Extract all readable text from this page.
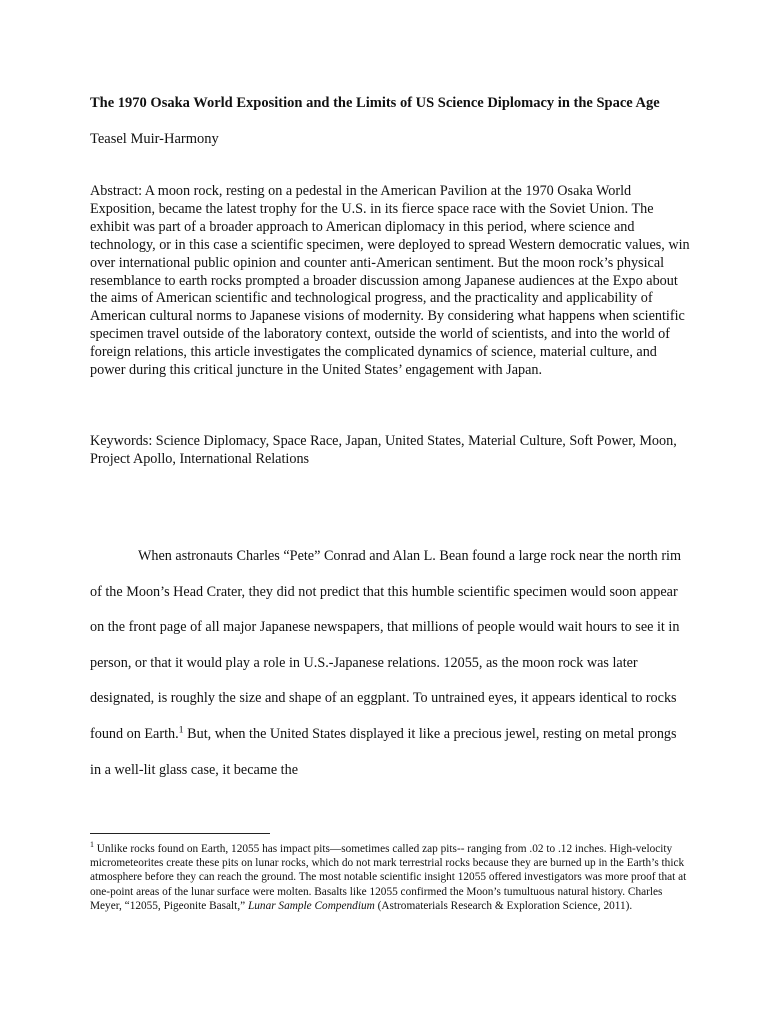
The 1970 Osaka World Exposition and the Limits of US Science Diplomacy in the Space Age

Teasel Muir-Harmony

Abstract: A moon rock, resting on a pedestal in the American Pavilion at the 1970 Osaka World Exposition, became the latest trophy for the U.S. in its fierce space race with the Soviet Union. The exhibit was part of a broader approach to American diplomacy in this period, where science and technology, or in this case a scientific specimen, were deployed to spread Western democratic values, win over international public opinion and counter anti-American sentiment. But the moon rock’s physical resemblance to earth rocks prompted a broader discussion among Japanese audiences at the Expo about the aims of American scientific and technological progress, and the practicality and applicability of American cultural norms to Japanese visions of modernity. By considering what happens when scientific specimen travel outside of the laboratory context, outside the world of scientists, and into the world of foreign relations, this article investigates the complicated dynamics of science, material culture, and power during this critical juncture in the United States’ engagement with Japan.

Keywords: Science Diplomacy, Space Race, Japan, United States, Material Culture, Soft Power, Moon, Project Apollo, International Relations

When astronauts Charles “Pete” Conrad and Alan L. Bean found a large rock near the north rim of the Moon’s Head Crater, they did not predict that this humble scientific specimen would soon appear on the front page of all major Japanese newspapers, that millions of people would wait hours to see it in person, or that it would play a role in U.S.-Japanese relations. 12055, as the moon rock was later designated, is roughly the size and shape of an eggplant. To untrained eyes, it appears identical to rocks found on Earth.$^1$ But, when the United States displayed it like a precious jewel, resting on metal prongs in a well-lit glass case, it became the

$^1$ Unlike rocks found on Earth, 12055 has impact pits—sometimes called zap pits-- ranging from .02 to .12 inches. High-velocity micrometeorites create these pits on lunar rocks, which do not mark terrestrial rocks because they are burned up in the Earth’s thick atmosphere before they can reach the ground. The most notable scientific insight 12055 offered investigators was more proof that at one-point areas of the lunar surface were molten. Basalts like 12055 confirmed the Moon’s tumultuous natural history. Charles Meyer, “12055, Pigeonite Basalt,” Lunar Sample Compendium (Astromaterials Research & Exploration Science, 2011).
